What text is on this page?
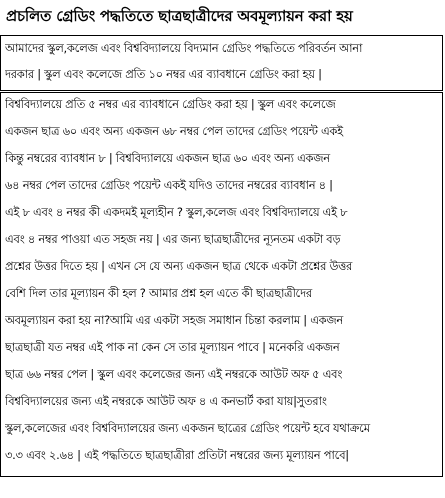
প্রচলিত গ্রেডিং পদ্ধতিতে ছাত্রছাত্রীদের অবমূল্যায়ন করা হয়
আমাদের স্কুল,কলেজ এবং বিশ্ববিদ্যালয়ে বিদ্যমান গ্রেডিং পদ্ধতিতে পরিবর্তন আনা
দরকার | স্কুল এবং কলেজে প্রতি ১০ নম্বর এর ব্যাবধানে গ্রেডিং করা হয় |
বিশ্ববিদ্যালয়ে প্রতি ৫ নম্বর এর ব্যাবধানে গ্রেডিং করা হয় | স্কুল এবং কলেজে
একজন ছাত্র ৬০ এবং অন্য একজন ৬৮ নম্বর পেল তাদের গ্রেডিং পয়েন্ট একই
কিন্তু নম্বরের ব্যাবধান ৮ | বিশ্ববিদ্যালয়ে একজন ছাত্র ৬০ এবং অন্য একজন
৬৪ নম্বর পেল তাদের গ্রেডিং পয়েন্ট একই যদিও তাদের নম্বরের ব্যাবধান ৪ |
এই ৮ এবং ৪ নম্বর কী একদমই মূল্যহীন ? স্কুল,কলেজ এবং বিশ্ববিদ্যালয়ে এই ৮
এবং ৪ নম্বর পাওয়া এত সহজ নয় | এর জন্য ছাত্রছাত্রীদের ন্যূনতম একটা বড়
প্রশ্নের উত্তর দিতে হয় | এখন সে যে অন্য একজন ছাত্র থেকে একটা প্রশ্নের উত্তর
বেশি দিল তার মূল্যায়ন কী হল ? আমার প্রশ্ন হল এতে কী ছাত্রছাত্রীদের
অবমূল্যায়ন করা হয় না?আমি এর একটা সহজ সমাধান চিন্তা করলাম | একজন
ছাত্রছাত্রী যত নম্বর এই পাক না কেন সে তার মূল্যায়ন পাবে | মনেকরি একজন
ছাত্র ৬৬ নম্বর পেল | স্কুল এবং কলেজের জন্য এই নম্বরকে আউট অফ ৫ এবং
বিশ্ববিদ্যালয়ের জন্য এই নম্বরকে আউট অফ ৪ এ কনভার্ট করা যায়|সুতরাং
স্কুল,কলেজের এবং বিশ্ববিদ্যালয়ের জন্য একজন ছাত্রের গ্রেডিং পয়েন্ট হবে যথাক্রমে
৩.৩ এবং ২.৬৪ | এই পদ্ধতিতে ছাত্রছাত্রীরা প্রতিটা নম্বরের জন্য মূল্যায়ন পাবে|
